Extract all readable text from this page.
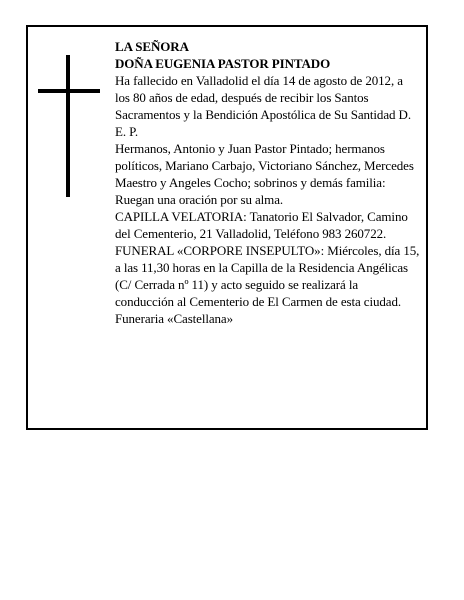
LA SEÑORA

DOÑA EUGENIA PASTOR PINTADO

Ha fallecido en Valladolid el día 14 de agosto de 2012, a los 80 años de edad, después de recibir los Santos Sacramentos y la Bendición Apostólica de Su Santidad D. E. P.

Hermanos, Antonio y Juan Pastor Pintado; hermanos políticos, Mariano Carbajo, Victoriano Sánchez, Mercedes Maestro y Angeles Cocho; sobrinos y demás familia:

Ruegan una oración por su alma.

CAPILLA VELATORIA: Tanatorio El Salvador, Camino del Cementerio, 21 Valladolid, Teléfono 983 260722.

FUNERAL «CORPORE INSEPULTO»: Miércoles, día 15, a las 11,30 horas en la Capilla de la Residencia Angélicas (C/ Cerrada nº 11) y acto seguido se realizará la conducción al Cementerio de El Carmen de esta ciudad.

Funeraria «Castellana»
